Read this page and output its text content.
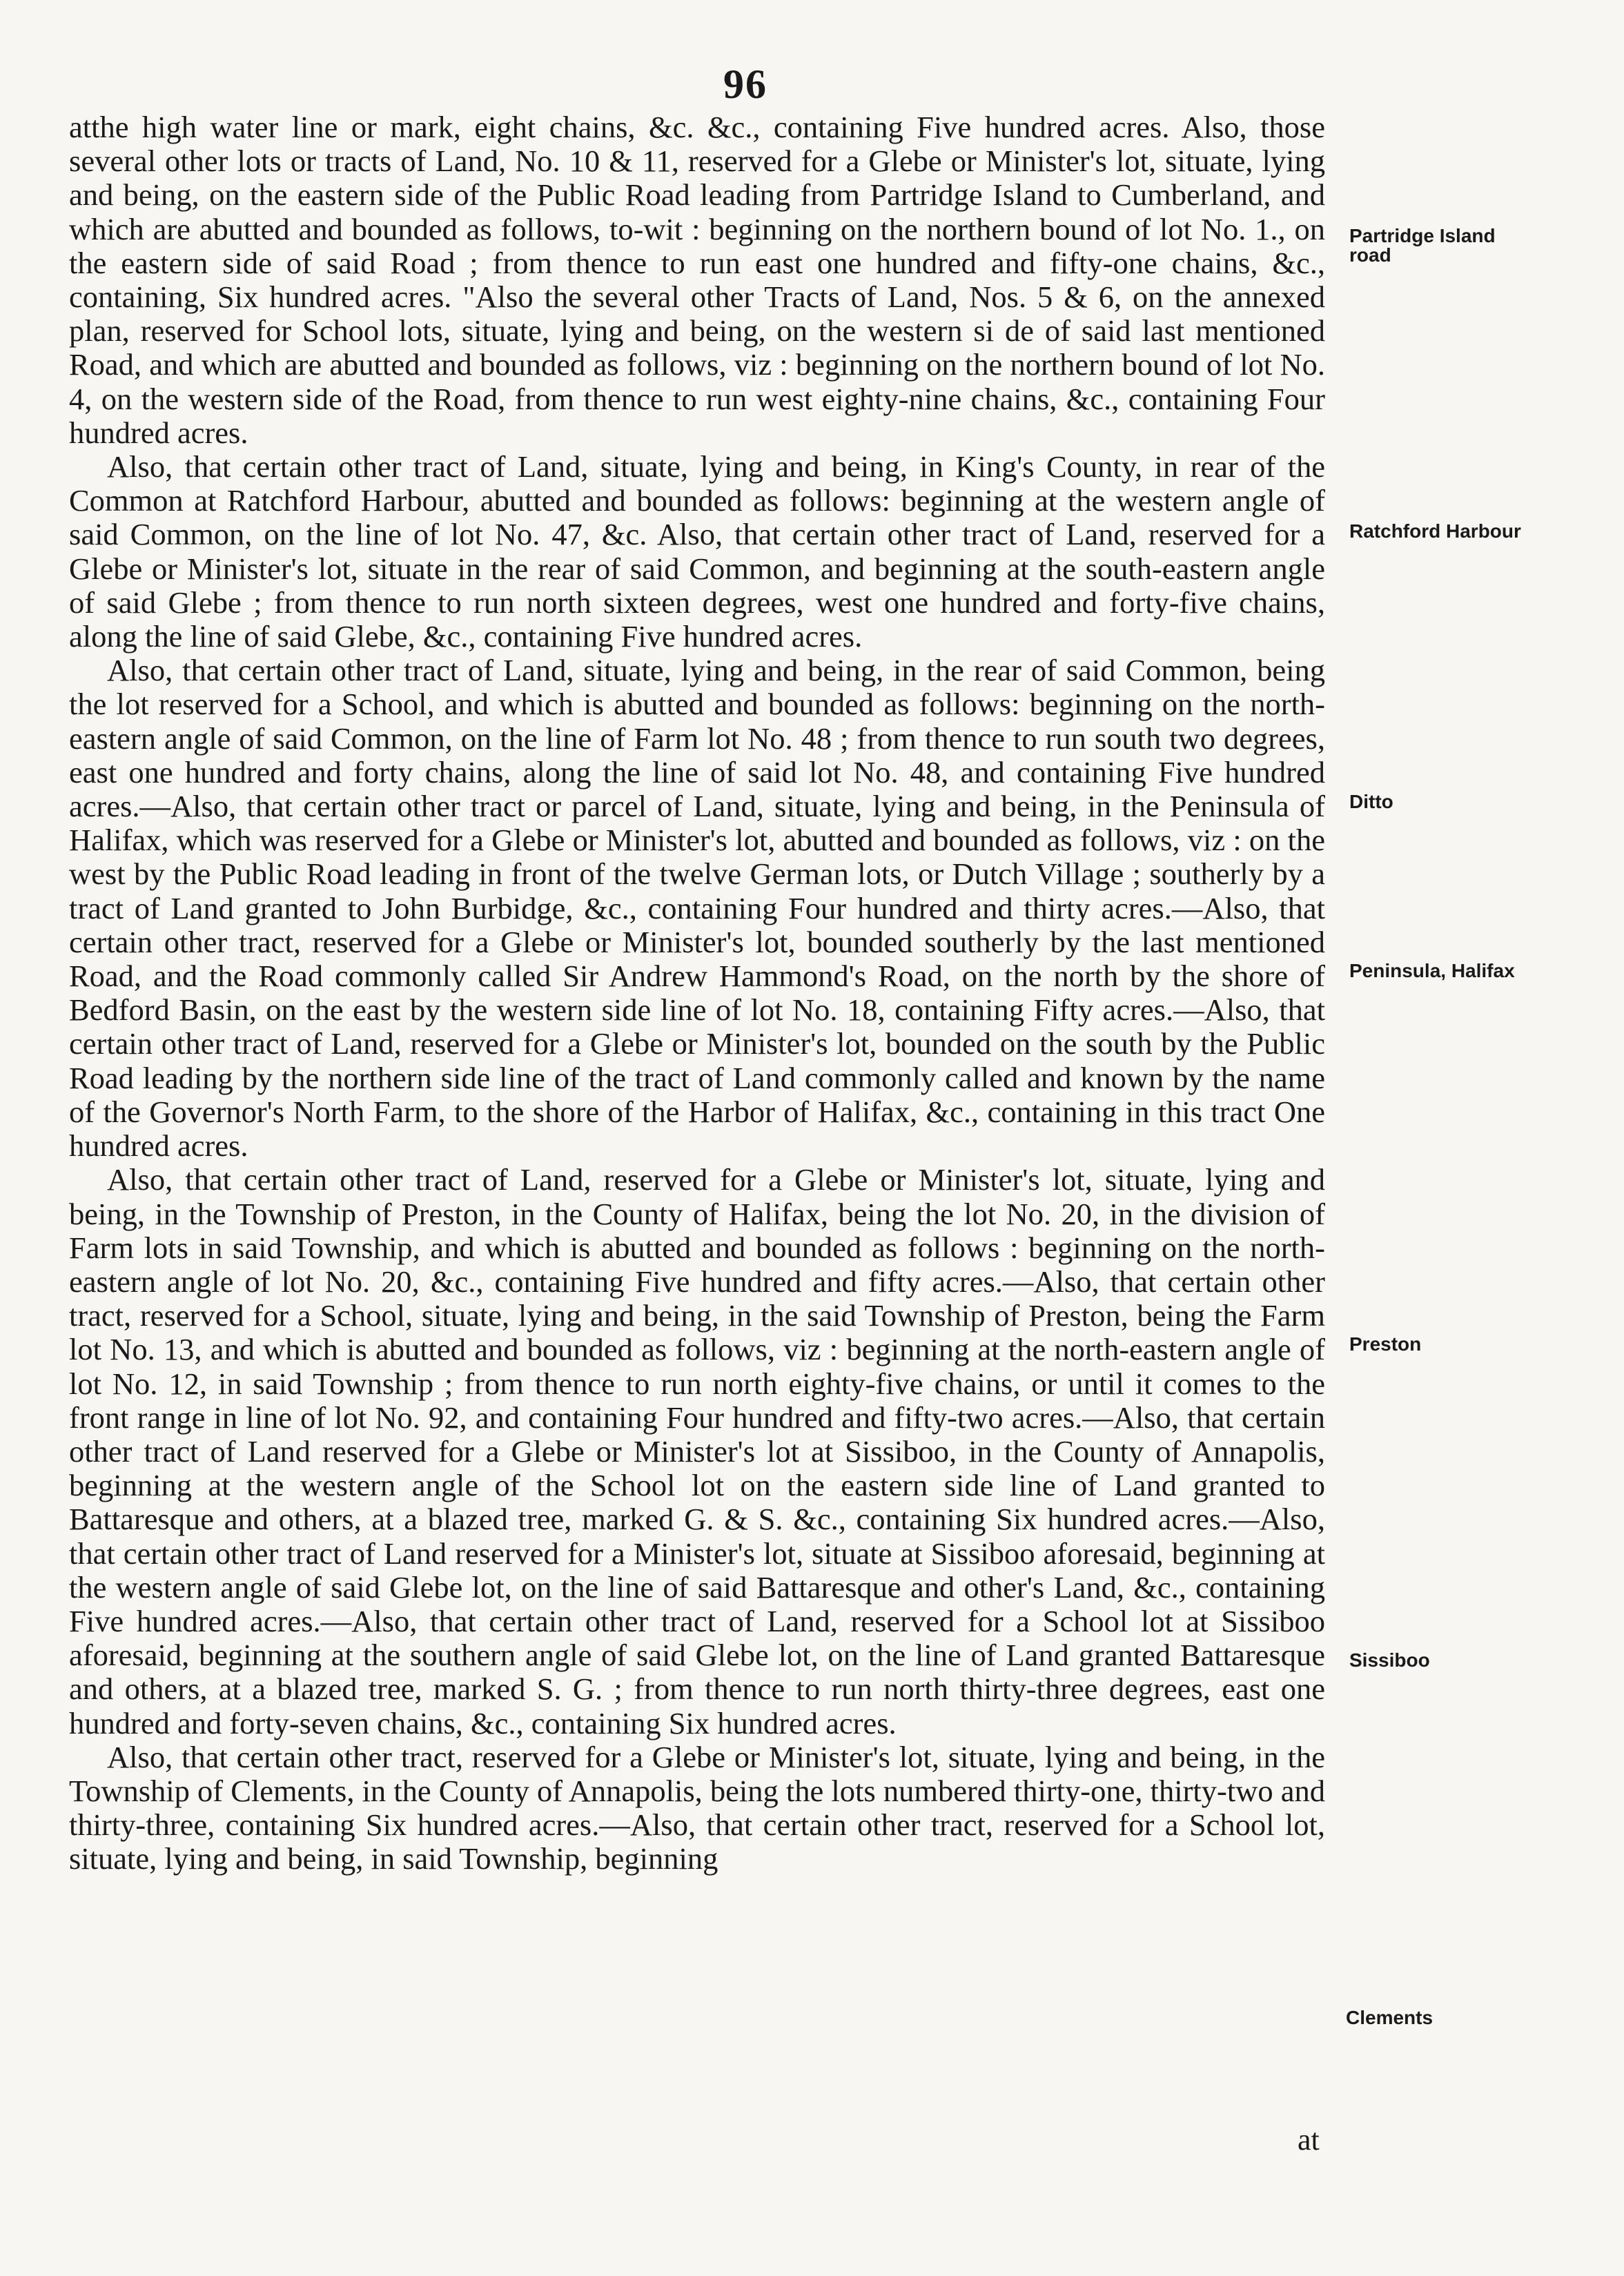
96

atthe high water line or mark, eight chains, &c. &c., containing Five hundred acres. Also, those several other lots or tracts of Land, No. 10 & 11, reserved for a Glebe or Minister's lot, situate, lying and being, on the eastern side of the Public Road leading from Partridge Island to Cumberland, and which are abutted and bounded as follows, to-wit : beginning on the northern bound of lot No. 1., on the eastern side of said Road ; from thence to run east one hundred and fifty-one chains, &c., containing, Six hundred acres. "Also the several other Tracts of Land, Nos. 5 & 6, on the annexed plan, reserved for School lots, situate, lying and being, on the western si de of said last mentioned Road, and which are abutted and bounded as follows, viz : beginning on the northern bound of lot No. 4, on the western side of the Road, from thence to run west eighty-nine chains, &c., containing Four hundred acres.

Also, that certain other tract of Land, situate, lying and being, in King's County, in rear of the Common at Ratchford Harbour, abutted and bounded as follows: beginning at the western angle of said Common, on the line of lot No. 47, &c. Also, that certain other tract of Land, reserved for a Glebe or Minister's lot, situate in the rear of said Common, and beginning at the south-eastern angle of said Glebe ; from thence to run north sixteen degrees, west one hundred and forty-five chains, along the line of said Glebe, &c., containing Five hundred acres.

Also, that certain other tract of Land, situate, lying and being, in the rear of said Common, being the lot reserved for a School, and which is abutted and bounded as follows: beginning on the north-eastern angle of said Common, on the line of Farm lot No. 48 ; from thence to run south two degrees, east one hundred and forty chains, along the line of said lot No. 48, and containing Five hundred acres.—Also, that certain other tract or parcel of Land, situate, lying and being, in the Peninsula of Halifax, which was reserved for a Glebe or Minister's lot, abutted and bounded as follows, viz : on the west by the Public Road leading in front of the twelve German lots, or Dutch Village ; southerly by a tract of Land granted to John Burbidge, &c., containing Four hundred and thirty acres.—Also, that certain other tract, reserved for a Glebe or Minister's lot, bounded southerly by the last mentioned Road, and the Road commonly called Sir Andrew Hammond's Road, on the north by the shore of Bedford Basin, on the east by the western side line of lot No. 18, containing Fifty acres.—Also, that certain other tract of Land, reserved for a Glebe or Minister's lot, bounded on the south by the Public Road leading by the northern side line of the tract of Land commonly called and known by the name of the Governor's North Farm, to the shore of the Harbor of Halifax, &c., containing in this tract One hundred acres.

Also, that certain other tract of Land, reserved for a Glebe or Minister's lot, situate, lying and being, in the Township of Preston, in the County of Halifax, being the lot No. 20, in the division of Farm lots in said Township, and which is abutted and bounded as follows : beginning on the north-eastern angle of lot No. 20, &c., containing Five hundred and fifty acres.—Also, that certain other tract, reserved for a School, situate, lying and being, in the said Township of Preston, being the Farm lot No. 13, and which is abutted and bounded as follows, viz : beginning at the north-eastern angle of lot No. 12, in said Township ; from thence to run north eighty-five chains, or until it comes to the front range in line of lot No. 92, and containing Four hundred and fifty-two acres.—Also, that certain other tract of Land reserved for a Glebe or Minister's lot at Sissiboo, in the County of Annapolis, beginning at the western angle of the School lot on the eastern side line of Land granted to Battaresque and others, at a blazed tree, marked G. & S. &c., containing Six hundred acres.—Also, that certain other tract of Land reserved for a Minister's lot, situate at Sissiboo aforesaid, beginning at the western angle of said Glebe lot, on the line of said Battaresque and other's Land, &c., containing Five hundred acres.—Also, that certain other tract of Land, reserved for a School lot at Sissiboo aforesaid, beginning at the southern angle of said Glebe lot, on the line of Land granted Battaresque and others, at a blazed tree, marked S. G. ; from thence to run north thirty-three degrees, east one hundred and forty-seven chains, &c., containing Six hundred acres.

Also, that certain other tract, reserved for a Glebe or Minister's lot, situate, lying and being, in the Township of Clements, in the County of Annapolis, being the lots numbered thirty-one, thirty-two and thirty-three, containing Six hundred acres.—Also, that certain other tract, reserved for a School lot, situate, lying and being, in said Township, beginning

Partridge Island road
Ratchford Harbour
Ditto
Peninsula, Halifax
Preston
Sissiboo
Clements
at
